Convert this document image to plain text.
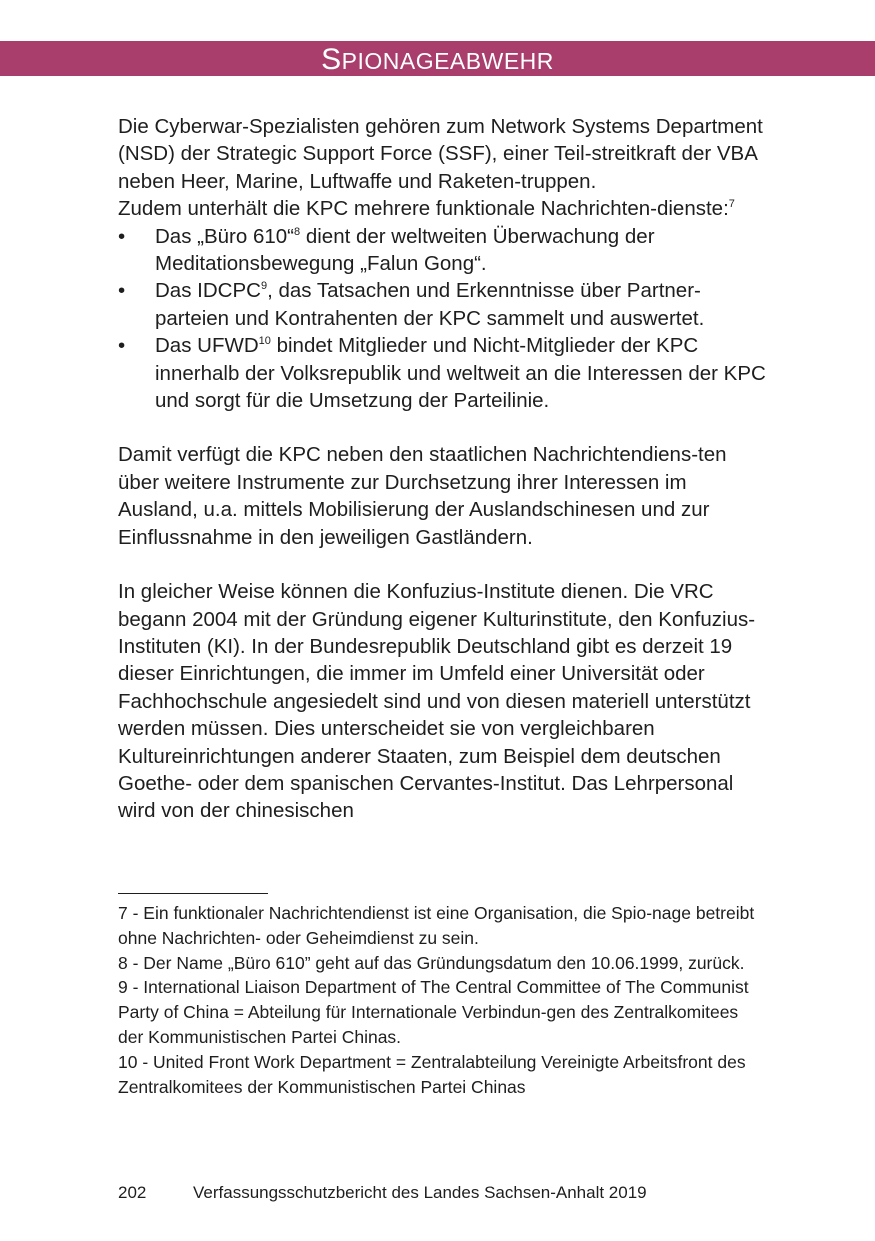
SPIONAGEABWEHR

Die Cyberwar-Spezialisten gehören zum Network Systems Department (NSD) der Strategic Support Force (SSF), einer Teil-streitkraft der VBA neben Heer, Marine, Luftwaffe und Raketen-truppen.

Zudem unterhält die KPC mehrere funktionale Nachrichten-dienste:$^7$

•	Das „Büro 610“$^8$ dient der weltweiten Überwachung der Meditationsbewegung „Falun Gong“.
•	Das IDCPC$^9$, das Tatsachen und Erkenntnisse über Partner-parteien und Kontrahenten der KPC sammelt und auswertet.
•	Das UFWD$^{10}$ bindet Mitglieder und Nicht-Mitglieder der KPC innerhalb der Volksrepublik und weltweit an die Interessen der KPC und sorgt für die Umsetzung der Parteilinie.

Damit verfügt die KPC neben den staatlichen Nachrichtendiens-ten über weitere Instrumente zur Durchsetzung ihrer Interessen im Ausland, u.a. mittels Mobilisierung der Auslandschinesen und zur Einflussnahme in den jeweiligen Gastländern.

In gleicher Weise können die Konfuzius-Institute dienen. Die VRC begann 2004 mit der Gründung eigener Kulturinstitute, den Konfuzius-Instituten (KI). In der Bundesrepublik Deutschland gibt es derzeit 19 dieser Einrichtungen, die immer im Umfeld einer Universität oder Fachhochschule angesiedelt sind und von diesen materiell unterstützt werden müssen. Dies unterscheidet sie von vergleichbaren Kultureinrichtungen anderer Staaten, zum Beispiel dem deutschen Goethe- oder dem spanischen Cervantes-Institut. Das Lehrpersonal wird von der chinesischen

7 - Ein funktionaler Nachrichtendienst ist eine Organisation, die Spio-nage betreibt ohne Nachrichten- oder Geheimdienst zu sein.

8 - Der Name „Büro 610” geht auf das Gründungsdatum den 10.06.1999, zurück.

9 - International Liaison Department of The Central Committee of The Communist Party of China = Abteilung für Internationale Verbindun-gen des Zentralkomitees der Kommunistischen Partei Chinas.

10 - United Front Work Department = Zentralabteilung Vereinigte Arbeitsfront des Zentralkomitees der Kommunistischen Partei Chinas

202	Verfassungsschutzbericht des Landes Sachsen-Anhalt 2019
